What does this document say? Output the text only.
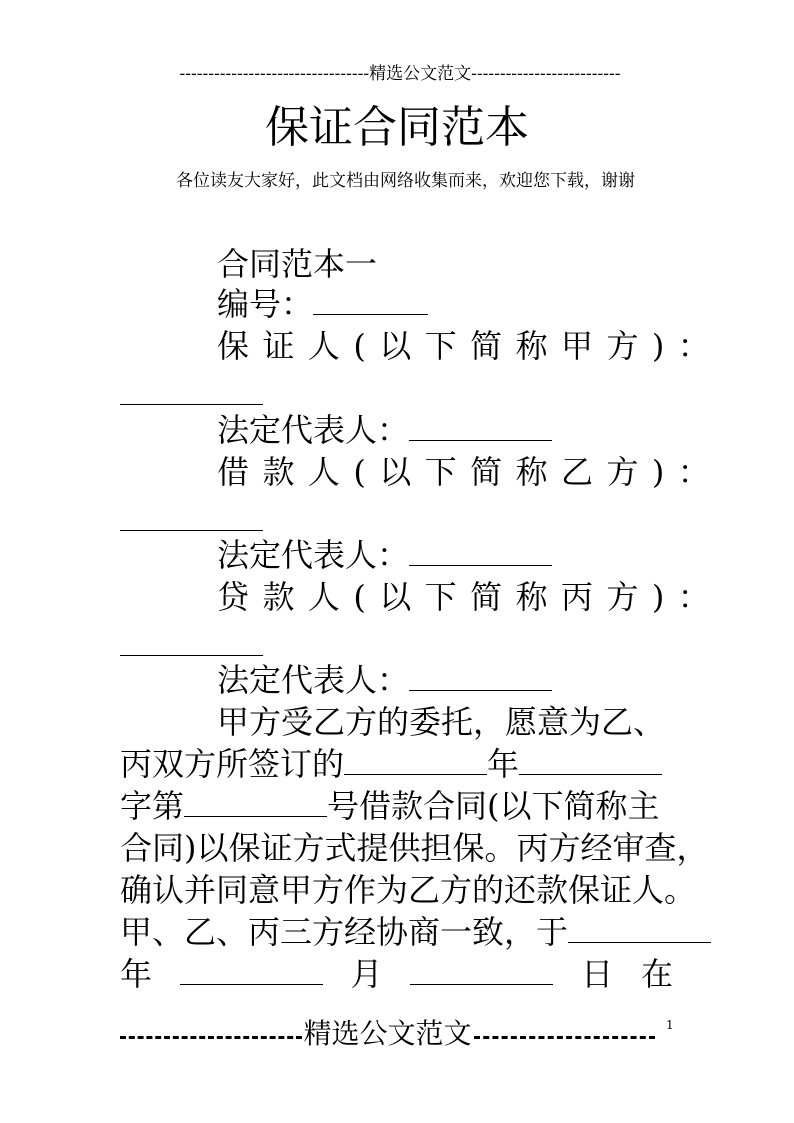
---------------------------------精选公文范文--------------------------
保证合同范本
各位读友大家好，此文档由网络收集而来，欢迎您下载，谢谢
合同范本一
编号：
保证人(以下简称甲方)：
法定代表人：
借款人(以下简称乙方)：
法定代表人：
贷款人(以下简称丙方)：
法定代表人：
甲方受乙方的委托，愿意为乙、
丙双方所签订的	年
字第	号借款合同(以下简称主
合同)以保证方式提供担保。丙方经审查，
确认并同意甲方作为乙方的还款保证人。
甲、乙、丙三方经协商一致，于
年	月	日 在
精选公文范文	1
